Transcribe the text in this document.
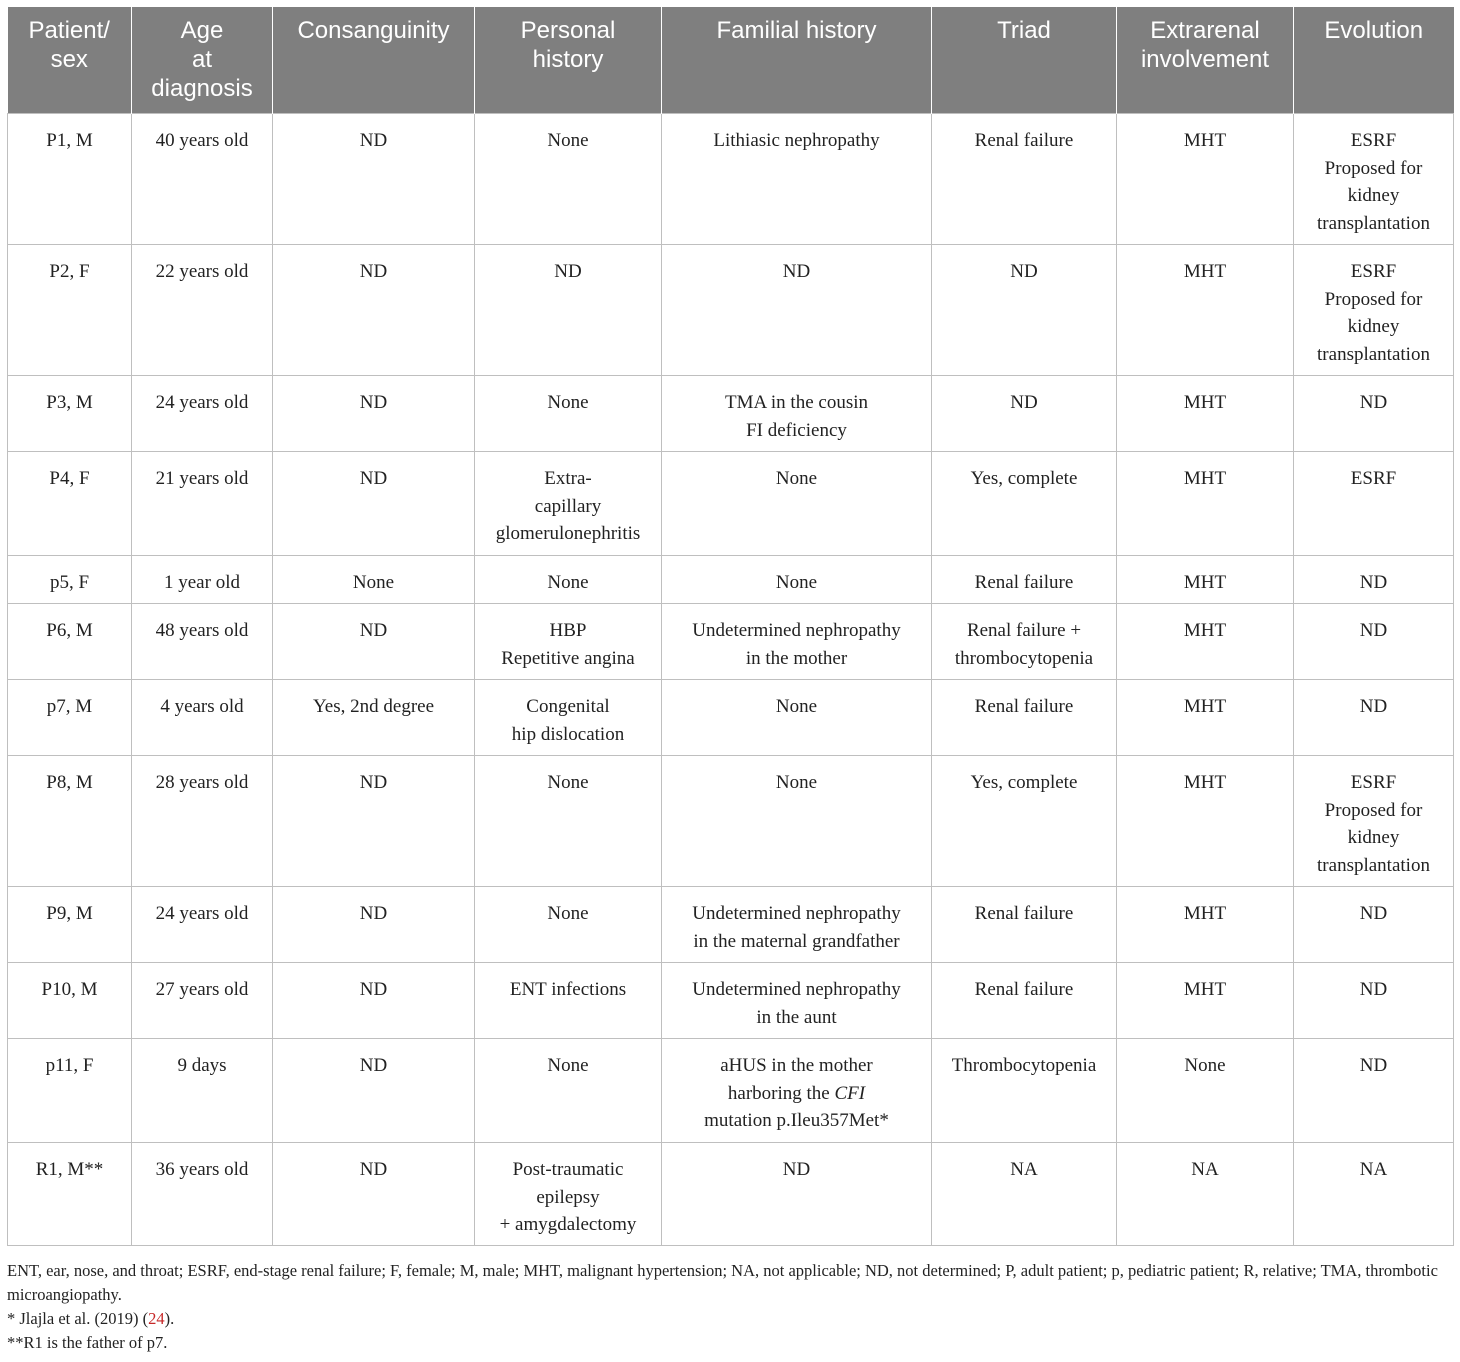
Patient/
sex	Age
at
diagnosis	Consanguinity	Personal
history	Familial history	Triad	Extrarenal
involvement	Evolution
P1, M	40 years old	ND	None	Lithiasic nephropathy	Renal failure	MHT	ESRF
Proposed for
kidney
transplantation
P2, F	22 years old	ND	ND	ND	ND	MHT	ESRF
Proposed for
kidney
transplantation
P3, M	24 years old	ND	None	TMA in the cousin
FI deficiency	ND	MHT	ND
P4, F	21 years old	ND	Extra-
capillary
glomerulonephritis	None	Yes, complete	MHT	ESRF
p5, F	1 year old	None	None	None	Renal failure	MHT	ND
P6, M	48 years old	ND	HBP
Repetitive angina	Undetermined nephropathy
in the mother	Renal failure +
thrombocytopenia	MHT	ND
p7, M	4 years old	Yes, 2nd degree	Congenital
hip dislocation	None	Renal failure	MHT	ND
P8, M	28 years old	ND	None	None	Yes, complete	MHT	ESRF
Proposed for
kidney
transplantation
P9, M	24 years old	ND	None	Undetermined nephropathy
in the maternal grandfather	Renal failure	MHT	ND
P10, M	27 years old	ND	ENT infections	Undetermined nephropathy
in the aunt	Renal failure	MHT	ND
p11, F	9 days	ND	None	aHUS in the mother
harboring the CFI
mutation p.Ileu357Met*	Thrombocytopenia	None	ND
R1, M**	36 years old	ND	Post-traumatic
epilepsy
+ amygdalectomy	ND	NA	NA	NA
ENT, ear, nose, and throat; ESRF, end-stage renal failure; F, female; M, male; MHT, malignant hypertension; NA, not applicable; ND, not determined; P, adult patient; p, pediatric patient; R, relative; TMA, thrombotic microangiopathy.
* Jlajla et al. (2019) (24).
**R1 is the father of p7.
